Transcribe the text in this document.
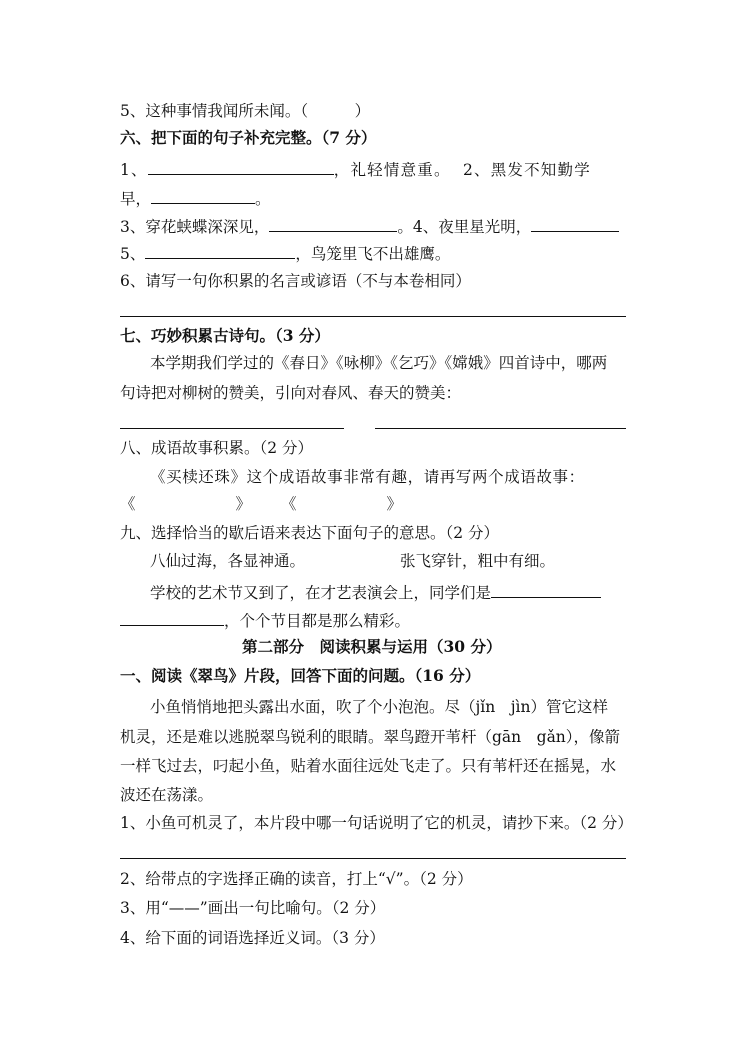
5、这种事情我闻所未闻。（　　　）
六、把下面的句子补充完整。（7 分）
1、	，礼轻情意重。 2、黑发不知勤学
早，	。
3、穿花蛱蝶深深见，	。4、夜里星光明，
5、	，鸟笼里飞不出雄鹰。
6、请写一句你积累的名言或谚语（不与本卷相同）
七、巧妙积累古诗句。（3 分）
本学期我们学过的《春日》《咏柳》《乞巧》《嫦娥》四首诗中，哪两
句诗把对柳树的赞美，引向对春风、春天的赞美：
八、成语故事积累。（2 分）
《买椟还珠》这个成语故事非常有趣，请再写两个成语故事：
《	》 《	》
九、选择恰当的歇后语来表达下面句子的意思。（2 分）
八仙过海，各显神通。	张飞穿针，粗中有细。
学校的艺术节又到了，在才艺表演会上，同学们是
，个个节目都是那么精彩。
第二部分　阅读积累与运用（30 分）
一、阅读《翠鸟》片段，回答下面的问题。（16 分）
小鱼悄悄地把头露出水面，吹了个小泡泡。尽（jǐn　jìn）管它这样
机灵，还是难以逃脱翠鸟锐利的眼睛。翠鸟蹬开苇杆（gān　gǎn），像箭
一样飞过去，叼起小鱼，贴着水面往远处飞走了。只有苇杆还在摇晃，水
波还在荡漾。
1、小鱼可机灵了，本片段中哪一句话说明了它的机灵，请抄下来。（2 分）
2、给带点的字选择正确的读音，打上“√”。（2 分）
3、用“——”画出一句比喻句。（2 分）
4、给下面的词语选择近义词。（3 分）
